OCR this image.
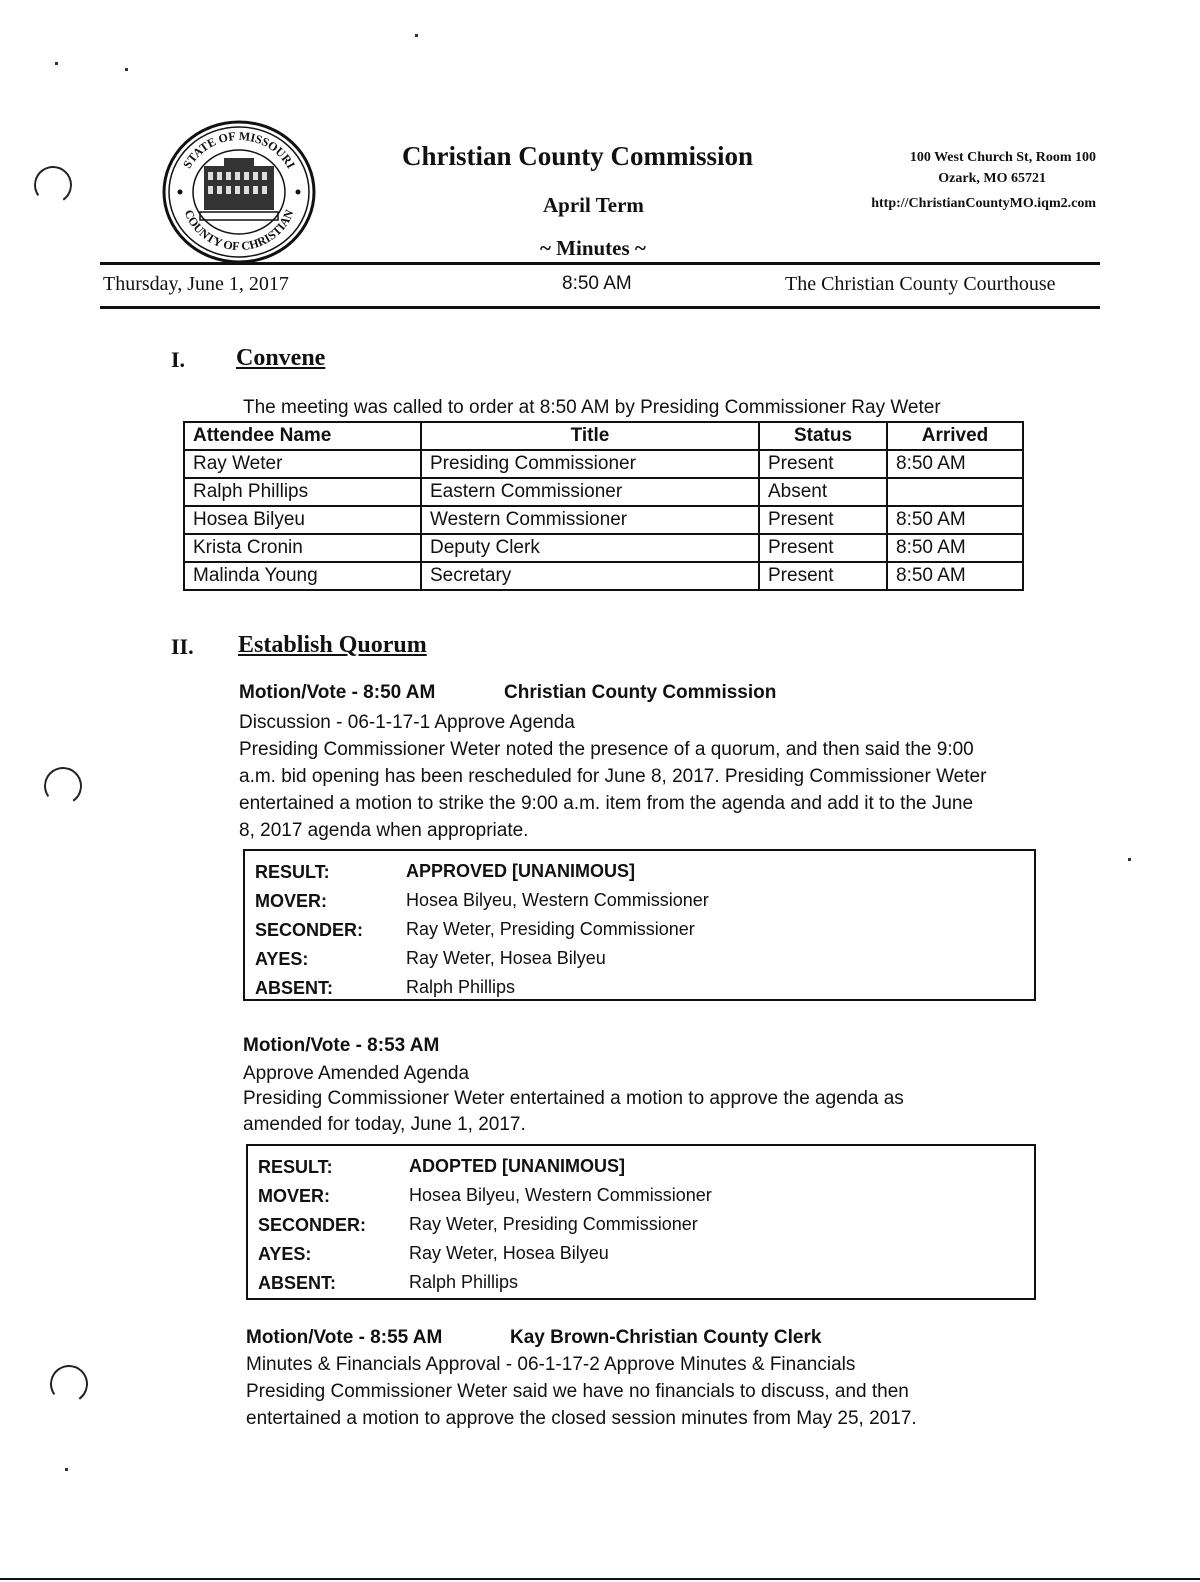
STATE OF MISSOURI
COUNTY OF CHRISTIAN
Christian County Commission
April Term
~ Minutes ~
100 West Church St, Room 100
Ozark, MO 65721
http://ChristianCountyMO.iqm2.com
Thursday, June 1, 2017	8:50 AM	The Christian County Courthouse
I. Convene
The meeting was called to order at 8:50 AM by Presiding Commissioner Ray Weter
Attendee Name	Title	Status	Arrived
Ray Weter	Presiding Commissioner	Present	8:50 AM
Ralph Phillips	Eastern Commissioner	Absent	
Hosea Bilyeu	Western Commissioner	Present	8:50 AM
Krista Cronin	Deputy Clerk	Present	8:50 AM
Malinda Young	Secretary	Present	8:50 AM
II. Establish Quorum
Motion/Vote - 8:50 AM	Christian County Commission
Discussion - 06-1-17-1 Approve Agenda
Presiding Commissioner Weter noted the presence of a quorum, and then said the 9:00
a.m. bid opening has been rescheduled for June 8, 2017. Presiding Commissioner Weter
entertained a motion to strike the 9:00 a.m. item from the agenda and add it to the June
8, 2017 agenda when appropriate.
RESULT:	APPROVED [UNANIMOUS]
MOVER:	Hosea Bilyeu, Western Commissioner
SECONDER: Ray Weter, Presiding Commissioner
AYES:	Ray Weter, Hosea Bilyeu
ABSENT:	Ralph Phillips
Motion/Vote - 8:53 AM
Approve Amended Agenda
Presiding Commissioner Weter entertained a motion to approve the agenda as
amended for today, June 1, 2017.
RESULT:	ADOPTED [UNANIMOUS]
MOVER:	Hosea Bilyeu, Western Commissioner
SECONDER: Ray Weter, Presiding Commissioner
AYES:	Ray Weter, Hosea Bilyeu
ABSENT:	Ralph Phillips
Motion/Vote - 8:55 AM	Kay Brown-Christian County Clerk
Minutes & Financials Approval - 06-1-17-2 Approve Minutes & Financials
Presiding Commissioner Weter said we have no financials to discuss, and then
entertained a motion to approve the closed session minutes from May 25, 2017.
